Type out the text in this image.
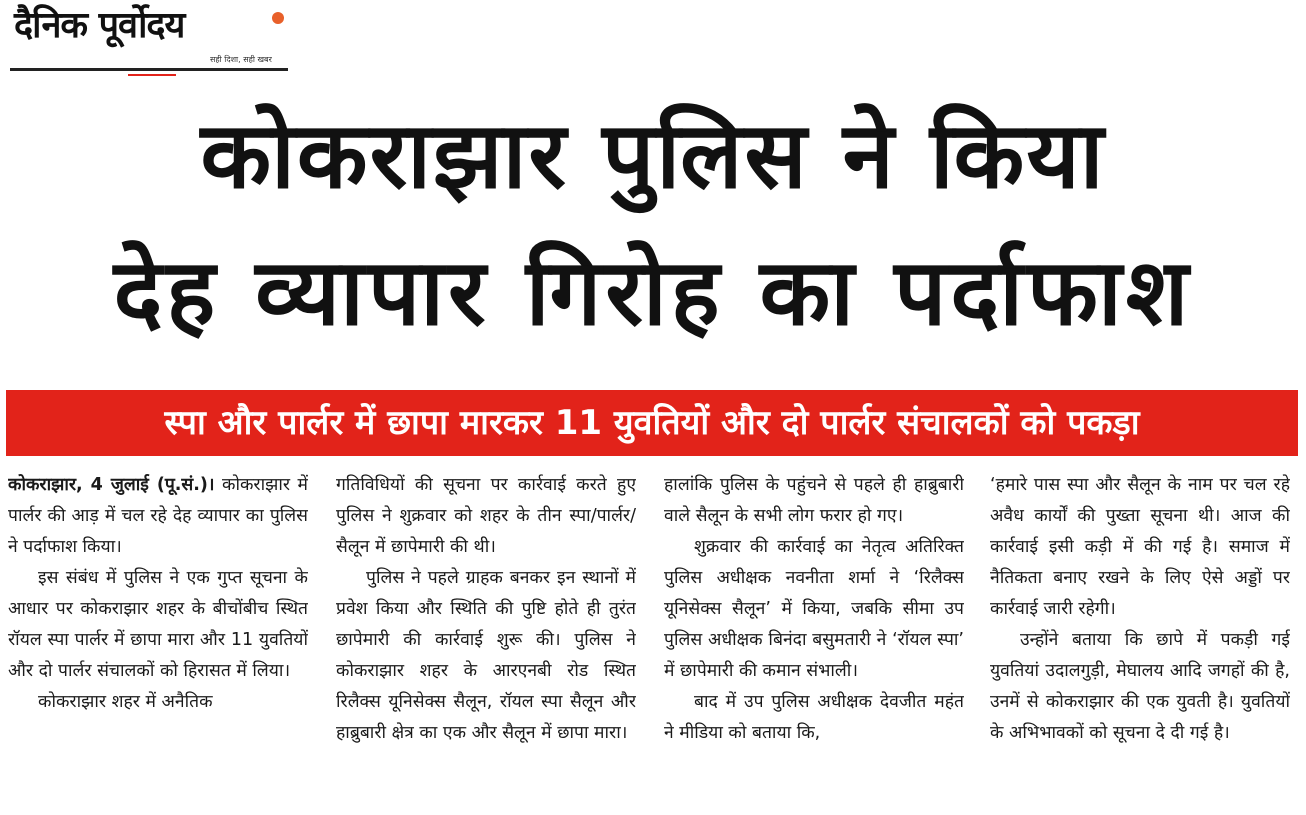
दैनिक पूर्वोदय
सही दिशा, सही खबर
कोकराझार पुलिस ने किया
देह व्यापार गिरोह का पर्दाफाश
स्पा और पार्लर में छापा मारकर 11 युवतियों और दो पार्लर संचालकों को पकड़ा

कोकराझार, 4 जुलाई (पू.सं.)। कोकराझार में पार्लर की आड़ में चल रहे देह व्यापार का पुलिस ने पर्दाफाश किया।

इस संबंध में पुलिस ने एक गुप्त सूचना के आधार पर कोकराझार शहर के बीचोंबीच स्थित रॉयल स्पा पार्लर में छापा मारा और 11 युवतियों और दो पार्लर संचालकों को हिरासत में लिया।

कोकराझार शहर में अनैतिक

गतिविधियों की सूचना पर कार्रवाई करते हुए पुलिस ने शुक्रवार को शहर के तीन स्पा/पार्लर/सैलून में छापेमारी की थी।

पुलिस ने पहले ग्राहक बनकर इन स्थानों में प्रवेश किया और स्थिति की पुष्टि होते ही तुरंत छापेमारी की कार्रवाई शुरू की। पुलिस ने कोकराझार शहर के आरएनबी रोड स्थित रिलैक्स यूनिसेक्स सैलून, रॉयल स्पा सैलून और हाब्रुबारी क्षेत्र का एक और सैलून में छापा मारा।

हालांकि पुलिस के पहुंचने से पहले ही हाब्रुबारी वाले सैलून के सभी लोग फरार हो गए।

शुक्रवार की कार्रवाई का नेतृत्व अतिरिक्त पुलिस अधीक्षक नवनीता शर्मा ने ‘रिलैक्स यूनिसेक्स सैलून’ में किया, जबकि सीमा उप पुलिस अधीक्षक बिनंदा बसुमतारी ने ‘रॉयल स्पा’ में छापेमारी की कमान संभाली।

बाद में उप पुलिस अधीक्षक देवजीत महंत ने मीडिया को बताया कि,

‘हमारे पास स्पा और सैलून के नाम पर चल रहे अवैध कार्यों की पुख्ता सूचना थी। आज की कार्रवाई इसी कड़ी में की गई है। समाज में नैतिकता बनाए रखने के लिए ऐसे अड्डों पर कार्रवाई जारी रहेगी।

उन्होंने बताया कि छापे में पकड़ी गई युवतियां उदालगुड़ी, मेघालय आदि जगहों की है, उनमें से कोकराझार की एक युवती है। युवतियों के अभिभावकों को सूचना दे दी गई है।
